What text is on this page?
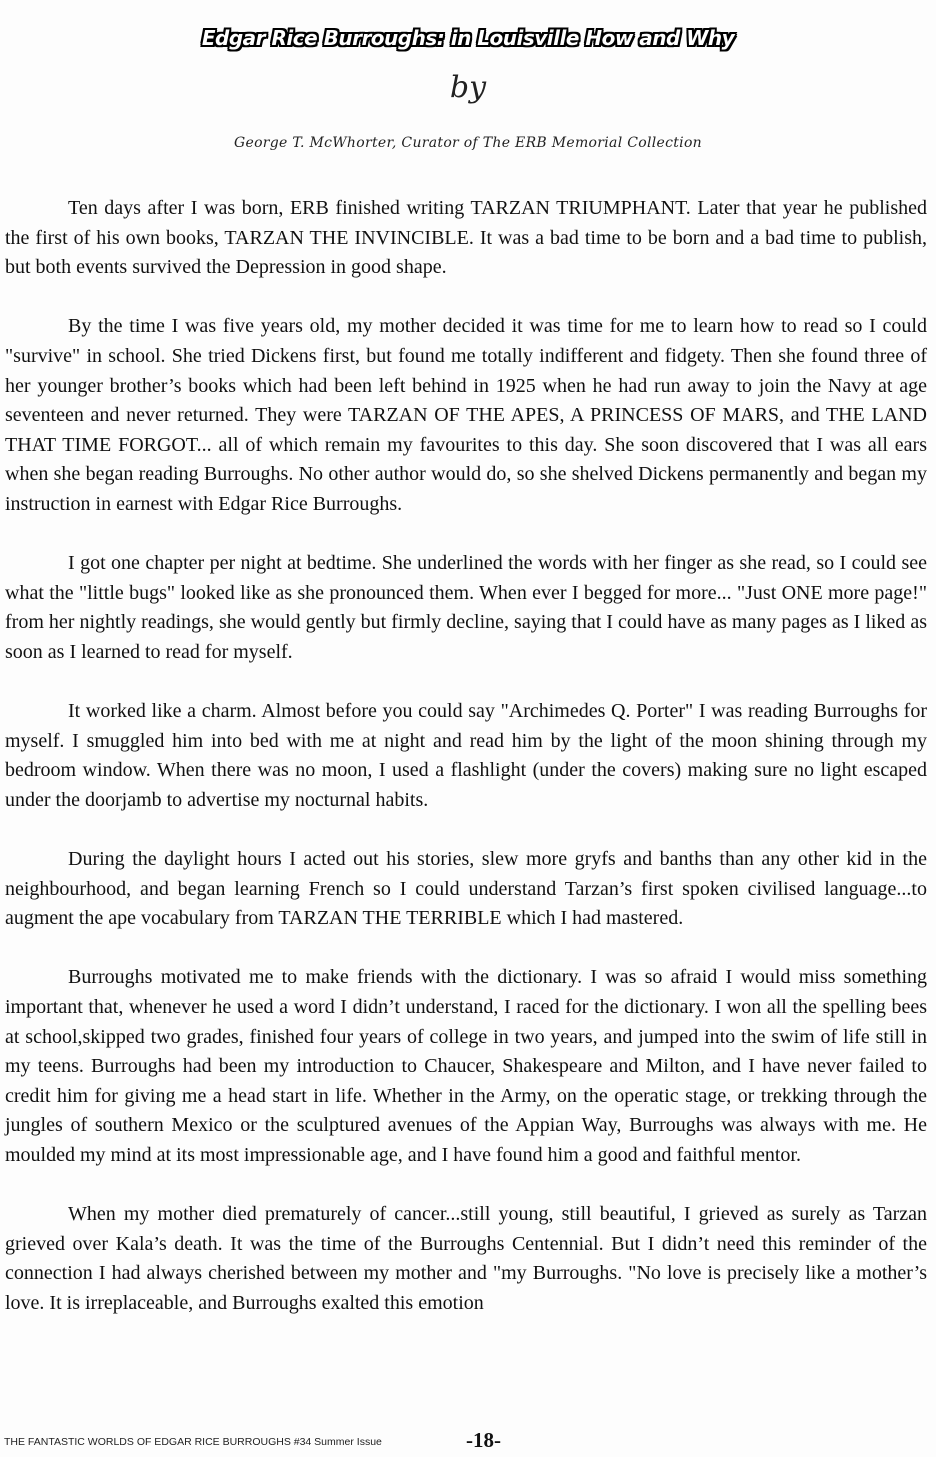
Edgar Rice Burroughs: in Louisville How and Why
by
George T. McWhorter, Curator of The ERB Memorial Collection

Ten days after I was born, ERB finished writing TARZAN TRIUMPHANT. Later that year he published the first of his own books, TARZAN THE INVINCIBLE. It was a bad time to be born and a bad time to publish, but both events survived the Depression in good shape.

By the time I was five years old, my mother decided it was time for me to learn how to read so I could "survive" in school. She tried Dickens first, but found me totally indifferent and fidgety. Then she found three of her younger brother’s books which had been left behind in 1925 when he had run away to join the Navy at age seventeen and never returned. They were TARZAN OF THE APES, A PRINCESS OF MARS, and THE LAND THAT TIME FORGOT... all of which remain my favourites to this day. She soon discovered that I was all ears when she began reading Burroughs. No other author would do, so she shelved Dickens permanently and began my instruction in earnest with Edgar Rice Burroughs.

I got one chapter per night at bedtime. She underlined the words with her finger as she read, so I could see what the "little bugs" looked like as she pronounced them. When ever I begged for more... "Just ONE more page!" from her nightly readings, she would gently but firmly decline, saying that I could have as many pages as I liked as soon as I learned to read for myself.

It worked like a charm. Almost before you could say "Archimedes Q. Porter" I was reading Burroughs for myself. I smuggled him into bed with me at night and read him by the light of the moon shining through my bedroom window. When there was no moon, I used a flashlight (under the covers) making sure no light escaped under the doorjamb to advertise my nocturnal habits.

During the daylight hours I acted out his stories, slew more gryfs and banths than any other kid in the neighbourhood, and began learning French so I could understand Tarzan’s first spoken civilised language...to augment the ape vocabulary from TARZAN THE TERRIBLE which I had mastered.

Burroughs motivated me to make friends with the dictionary. I was so afraid I would miss something important that, whenever he used a word I didn’t understand, I raced for the dictionary. I won all the spelling bees at school,skipped two grades, finished four years of college in two years, and jumped into the swim of life still in my teens. Burroughs had been my introduction to Chaucer, Shakespeare and Milton, and I have never failed to credit him for giving me a head start in life. Whether in the Army, on the operatic stage, or trekking through the jungles of southern Mexico or the sculptured avenues of the Appian Way, Burroughs was always with me. He moulded my mind at its most impressionable age, and I have found him a good and faithful mentor.

When my mother died prematurely of cancer...still young, still beautiful, I grieved as surely as Tarzan grieved over Kala’s death. It was the time of the Burroughs Centennial. But I didn’t need this reminder of the connection I had always cherished between my mother and "my Burroughs. "No love is precisely like a mother’s love. It is irreplaceable, and Burroughs exalted this emotion

THE FANTASTIC WORLDS OF EDGAR RICE BURROUGHS #34 Summer Issue	-18-
